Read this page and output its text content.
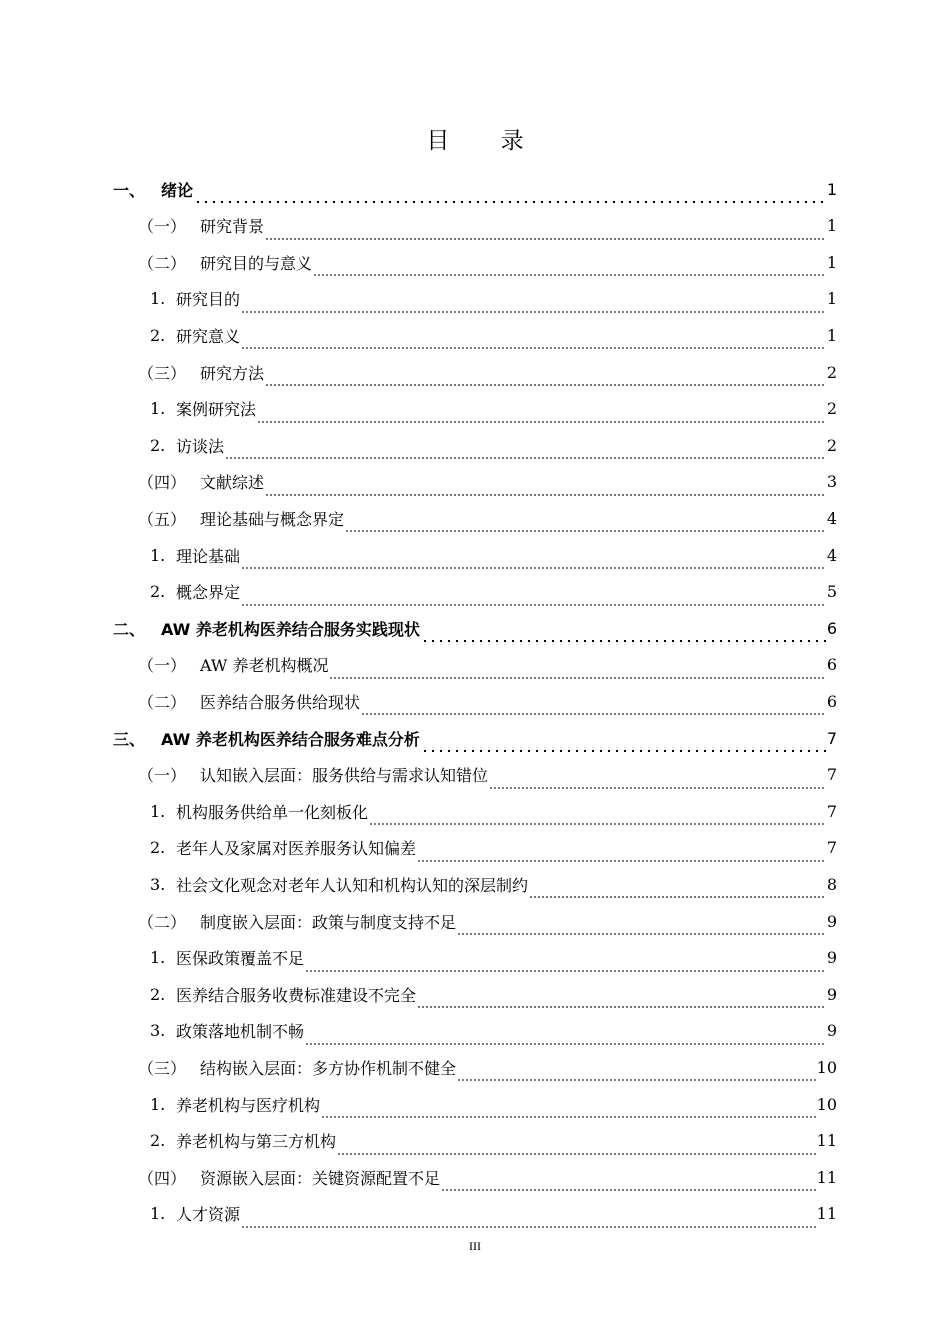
目 录
一、 绪论	1
（一） 研究背景	1
（二） 研究目的与意义	1
1. 研究目的	1
2. 研究意义	1
（三） 研究方法	2
1. 案例研究法	2
2. 访谈法	2
（四） 文献综述	3
（五） 理论基础与概念界定	4
1. 理论基础	4
2. 概念界定	5
二、 AW 养老机构医养结合服务实践现状	6
（一） AW 养老机构概况	6
（二） 医养结合服务供给现状	6
三、 AW 养老机构医养结合服务难点分析	7
（一） 认知嵌入层面：服务供给与需求认知错位	7
1. 机构服务供给单一化刻板化	7
2. 老年人及家属对医养服务认知偏差	7
3. 社会文化观念对老年人认知和机构认知的深层制约	8
（二） 制度嵌入层面：政策与制度支持不足	9
1. 医保政策覆盖不足	9
2. 医养结合服务收费标准建设不完全	9
3. 政策落地机制不畅	9
（三） 结构嵌入层面：多方协作机制不健全	10
1. 养老机构与医疗机构	10
2. 养老机构与第三方机构	11
（四） 资源嵌入层面：关键资源配置不足	11
1. 人才资源	11
III
